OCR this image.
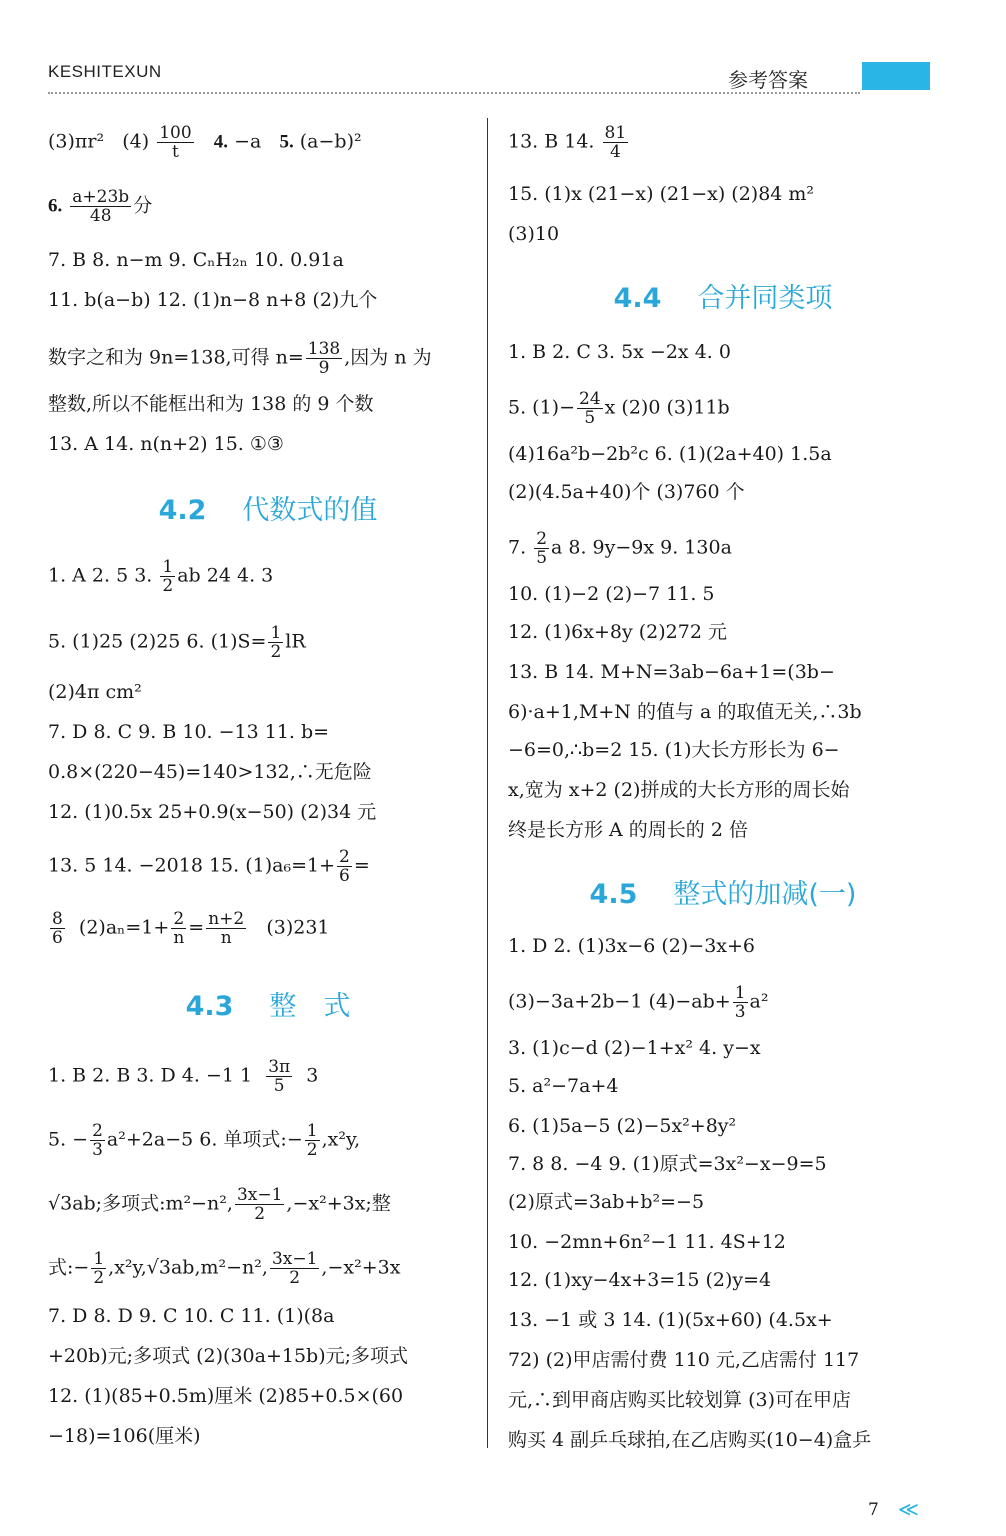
KESHITEXUN	参考答案
(3)πr² $(4) \frac{100}{t} 4$. −a 5. (a−b)²
6. $\frac{a+23b}{48}$ 分
7. B 8. n−m 9. CₙH₂ₙ 10. 0.91a
11. b(a−b) 12. (1)n−8 n+8 (2)九个
数字之和为 9n=138,可得 $n= \frac{138}{9}$ ,因为 n 为
整数,所以不能框出和为 138 的 9 个数
13. A 14. n(n+2) 15. ①③
4.2 代数式的值
1. A 2. 5 3. $\frac{1}{2}$ ab 24 4. 3
5. (1)25 (2)25 6. $(1)S= \frac{1}{2}$ lR
(2)4π cm²
7. D 8. C 9. B 10. −13 11. b=
0.8×(220−45)=140>132,∴无危险
12. (1)0.5x 25+0.9(x−50) (2)34 元
13. 5 14. −2018 15. $(1)a_6=1+ \frac{2}{6}$ =
$\frac{8}{6} (2)a_n=1+ \frac{2}{n} = \frac{n+2}{n} (3)231$
4.3 整　式
1. B 2. B 3. D 4. −1 $1 \frac{3\pi}{5} 3$
5. − $\frac{2}{3} a^2+2a-5$ 6. 单项式:− $\frac{1}{2} ,x^2y$,
√3ab;多项式:m²−n², $\frac{3x-1}{2} ,-x^2+3x$;整
式:− $\frac{1}{2} ,x^2y,√3ab,m^2-n^2$, $\frac{3x-1}{2} ,-x^2+3x$
7. D 8. D 9. C 10. C 11. (1)(8a
+20b)元;多项式 (2)(30a+15b)元;多项式
12. (1)(85+0.5m)厘米 (2)85+0.5×(60
−18)=106(厘米)
13. B 14. $\frac{81}{4}$
15. (1)x (21−x) (21−x) (2)84 m²
(3)10
4.4 合并同类项
1. B 2. C 3. 5x −2x 4. 0
5. $(1)- \frac{24}{5}$ x (2)0 (3)11b
(4)16a²b−2b²c 6. (1)(2a+40) 1.5a
(2)(4.5a+40)个 (3)760 个
7. $\frac{2}{5}$ a 8. 9y−9x 9. 130a
10. (1)−2 (2)−7 11. 5
12. (1)6x+8y (2)272 元
13. B 14. M+N=3ab−6a+1=(3b−
6)·a+1,M+N 的值与 a 的取值无关,∴3b
−6=0,∴b=2 15. (1)大长方形长为 6−
x,宽为 x+2 (2)拼成的大长方形的周长始
终是长方形 A 的周长的 2 倍
4.5 整式的加减(一)
1. D 2. (1)3x−6 (2)−3x+6
(3)−3a+2b−1 $(4)-ab+ \frac{1}{3} a^2$
3. (1)c−d (2)−1+x² 4. y−x
5. a²−7a+4
6. (1)5a−5 (2)−5x²+8y²
7. 8 8. −4 9. (1)原式=3x²−x−9=5
(2)原式=3ab+b²=−5
10. −2mn+6n²−1 11. 4S+12
12. (1)xy−4x+3=15 (2)y=4
13. −1 或 3 14. (1)(5x+60) (4.5x+
72) (2)甲店需付费 110 元,乙店需付 117
元,∴到甲商店购买比较划算 (3)可在甲店
购买 4 副乒乓球拍,在乙店购买(10−4)盒乒
7 ≪
